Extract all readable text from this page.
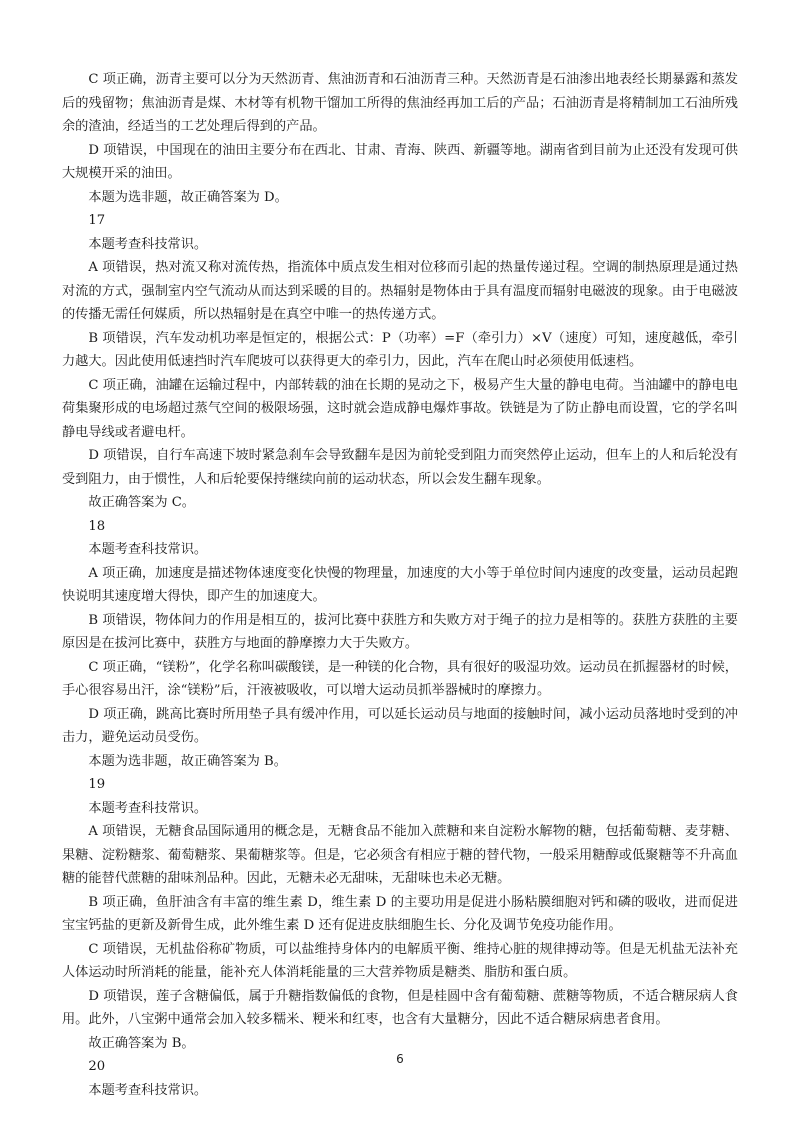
C 项正确，沥青主要可以分为天然沥青、焦油沥青和石油沥青三种。天然沥青是石油渗出地表经长期暴露和蒸发后的残留物；焦油沥青是煤、木材等有机物干馏加工所得的焦油经再加工后的产品；石油沥青是将精制加工石油所残余的渣油，经适当的工艺处理后得到的产品。

D 项错误，中国现在的油田主要分布在西北、甘肃、青海、陕西、新疆等地。湖南省到目前为止还没有发现可供大规模开采的油田。

本题为选非题，故正确答案为 D。

17

本题考查科技常识。

A 项错误，热对流又称对流传热，指流体中质点发生相对位移而引起的热量传递过程。空调的制热原理是通过热对流的方式，强制室内空气流动从而达到采暖的目的。热辐射是物体由于具有温度而辐射电磁波的现象。由于电磁波的传播无需任何媒质，所以热辐射是在真空中唯一的热传递方式。

B 项错误，汽车发动机功率是恒定的，根据公式：P（功率）=F（牵引力）×V（速度）可知，速度越低，牵引力越大。因此使用低速挡时汽车爬坡可以获得更大的牵引力，因此，汽车在爬山时必须使用低速档。

C 项正确，油罐在运输过程中，内部转载的油在长期的晃动之下，极易产生大量的静电电荷。当油罐中的静电电荷集聚形成的电场超过蒸气空间的极限场强，这时就会造成静电爆炸事故。铁链是为了防止静电而设置，它的学名叫静电导线或者避电杆。

D 项错误，自行车高速下坡时紧急刹车会导致翻车是因为前轮受到阻力而突然停止运动，但车上的人和后轮没有受到阻力，由于惯性，人和后轮要保持继续向前的运动状态，所以会发生翻车现象。

故正确答案为 C。

18

本题考查科技常识。

A 项正确，加速度是描述物体速度变化快慢的物理量，加速度的大小等于单位时间内速度的改变量，运动员起跑快说明其速度增大得快，即产生的加速度大。

B 项错误，物体间力的作用是相互的，拔河比赛中获胜方和失败方对于绳子的拉力是相等的。获胜方获胜的主要原因是在拔河比赛中，获胜方与地面的静摩擦力大于失败方。

C 项正确，“镁粉”，化学名称叫碳酸镁，是一种镁的化合物，具有很好的吸湿功效。运动员在抓握器材的时候，手心很容易出汗，涂“镁粉”后，汗液被吸收，可以增大运动员抓举器械时的摩擦力。

D 项正确，跳高比赛时所用垫子具有缓冲作用，可以延长运动员与地面的接触时间，减小运动员落地时受到的冲击力，避免运动员受伤。

本题为选非题，故正确答案为 B。

19

本题考查科技常识。

A 项错误，无糖食品国际通用的概念是，无糖食品不能加入蔗糖和来自淀粉水解物的糖，包括葡萄糖、麦芽糖、果糖、淀粉糖浆、葡萄糖浆、果葡糖浆等。但是，它必须含有相应于糖的替代物，一般采用糖醇或低聚糖等不升高血糖的能替代蔗糖的甜味剂品种。因此，无糖未必无甜味，无甜味也未必无糖。

B 项正确，鱼肝油含有丰富的维生素 D，维生素 D 的主要功用是促进小肠粘膜细胞对钙和磷的吸收，进而促进宝宝钙盐的更新及新骨生成，此外维生素 D 还有促进皮肤细胞生长、分化及调节免疫功能作用。

C 项错误，无机盐俗称矿物质，可以盐维持身体内的电解质平衡、维持心脏的规律搏动等。但是无机盐无法补充人体运动时所消耗的能量，能补充人体消耗能量的三大营养物质是糖类、脂肪和蛋白质。

D 项错误，莲子含糖偏低，属于升糖指数偏低的食物，但是桂圆中含有葡萄糖、蔗糖等物质，不适合糖尿病人食用。此外，八宝粥中通常会加入较多糯米、粳米和红枣，也含有大量糖分，因此不适合糖尿病患者食用。

故正确答案为 B。

20

本题考查科技常识。

6
